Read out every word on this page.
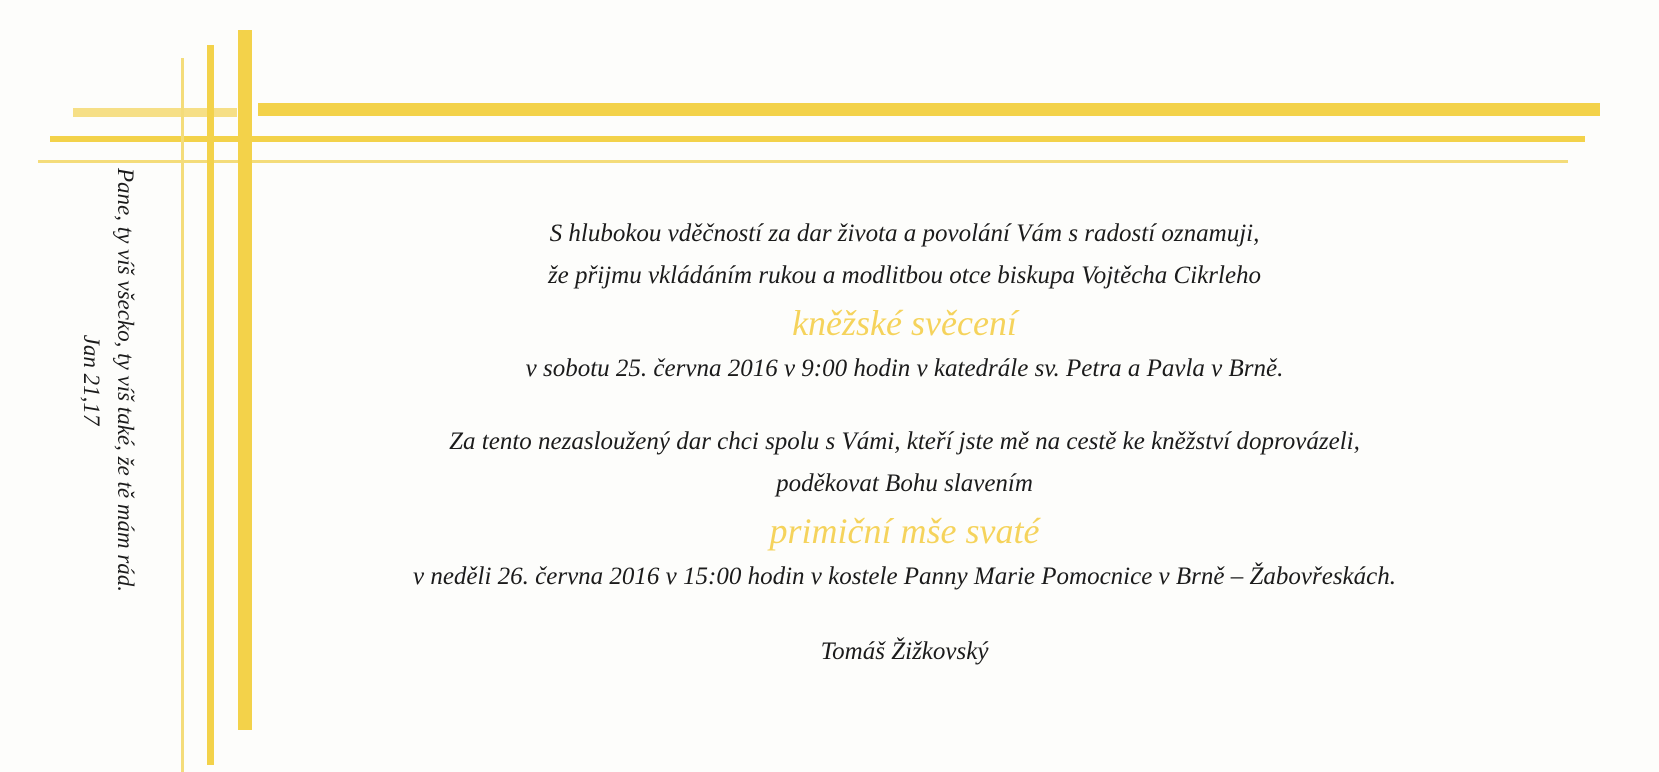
Pane, ty víš všecko, ty víš také, že tě mám rád.
Jan 21,17
S hlubokou vděčností za dar života a povolání Vám s radostí oznamuji,
že přijmu vkládáním rukou a modlitbou otce biskupa Vojtěcha Cikrleho
kněžské svěcení
v sobotu 25. června 2016 v 9:00 hodin v katedrále sv. Petra a Pavla v Brně.
Za tento nezasloužený dar chci spolu s Vámi, kteří jste mě na cestě ke kněžství doprovázeli,
poděkovat Bohu slavením
primiční mše svaté
v neděli 26. června 2016 v 15:00 hodin v kostele Panny Marie Pomocnice v Brně – Žabovřeskách.
Tomáš Žižkovský
